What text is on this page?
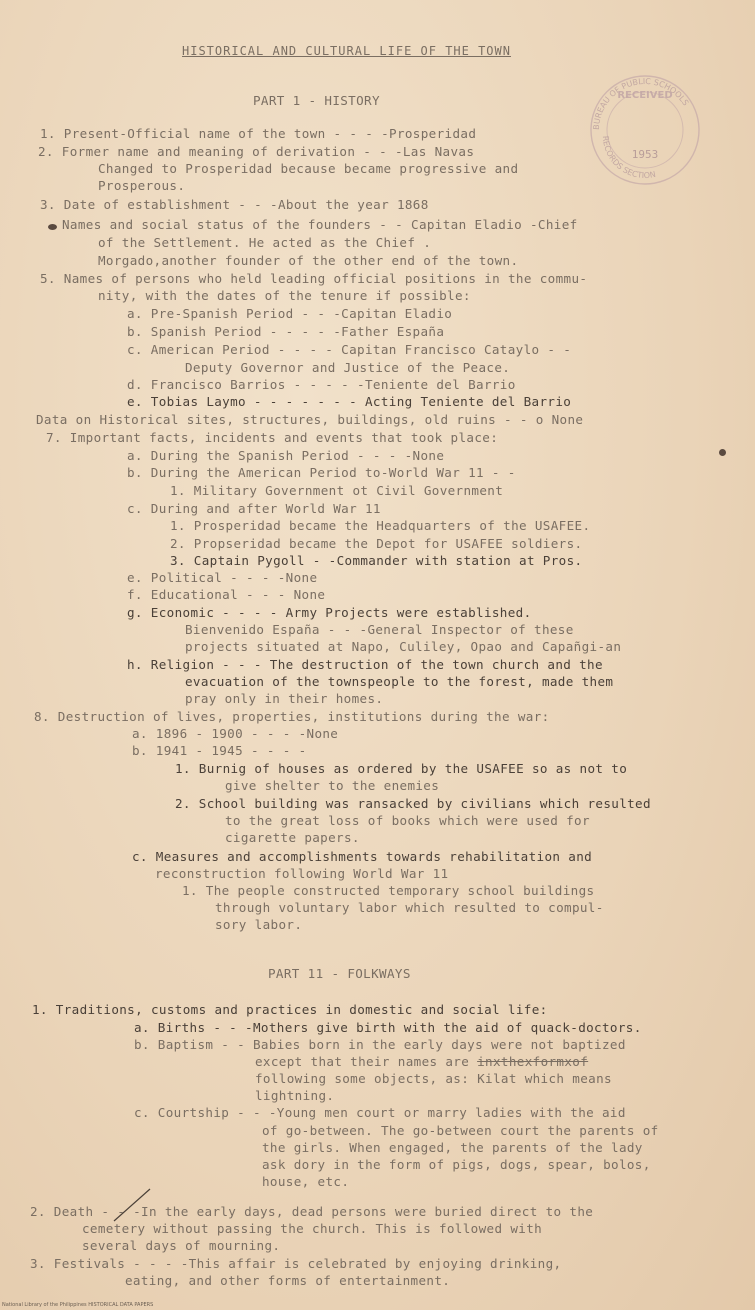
HISTORICAL AND CULTURAL LIFE OF THE TOWN
BUREAU OF PUBLIC SCHOOLS
RECORDS SECTION
RECEIVED
1953
PART 1 - HISTORY
1. Present-Official name of the town - - - -Prosperidad
2. Former name and meaning of derivation - - -Las Navas
Changed to Prosperidad because became progressive and
Prosperous.
3. Date of establishment - - -About the year 1868
Names and social status of the founders - - Capitan Eladio -Chief
of the Settlement. He acted as the Chief .
Morgado,another founder of the other end of the town.
5. Names of persons who held leading official positions in the commu-
nity, with the dates of the tenure if possible:
a. Pre-Spanish Period - - -Capitan Eladio
b. Spanish Period - - - - -Father España
c. American Period - - - - Capitan Francisco Cataylo - -
Deputy Governor and Justice of the Peace.
d. Francisco Barrios - - - - -Teniente del Barrio
e. Tobias Laymo - - - - - - - Acting Teniente del Barrio
Data on Historical sites, structures, buildings, old ruins - - o None
7. Important facts, incidents and events that took place:
a. During the Spanish Period - - - -None
b. During the American Period to-World War 11 - -
1. Military Government ot Civil Government
c. During and after World War 11
1. Prosperidad became the Headquarters of the USAFEE.
2. Propseridad became the Depot for USAFEE soldiers.
3. Captain Pygoll - -Commander with station at Pros.
e. Political - - - -None
f. Educational - - - None
g. Economic - - - - Army Projects were established.
Bienvenido España - - -General Inspector of these
projects situated at Napo, Culiley, Opao and Capañgi-an
h. Religion - - - The destruction of the town church and the
evacuation of the townspeople to the forest, made them
pray only in their homes.
8. Destruction of lives, properties, institutions during the war:
a. 1896 - 1900 - - - -None
b. 1941 - 1945 - - - -
1. Burnig of houses as ordered by the USAFEE so as not to
give shelter to the enemies
2. School building was ransacked by civilians which resulted
to the great loss of books which were used for
cigarette papers.
c. Measures and accomplishments towards rehabilitation and
reconstruction following World War 11
1. The people constructed temporary school buildings
through voluntary labor which resulted to compul-
sory labor.
PART 11 - FOLKWAYS
1. Traditions, customs and practices in domestic and social life:
a. Births - - -Mothers give birth with the aid of quack-doctors.
b. Baptism - - Babies born in the early days were not baptized
except that their names are inxthexformxof
following some objects, as: Kilat which means
lightning.
c. Courtship - - -Young men court or marry ladies with the aid
of go-between. The go-between court the parents of
the girls. When engaged, the parents of the lady
ask dory in the form of pigs, dogs, spear, bolos,
house, etc.
2. Death - - -In the early days, dead persons were buried direct to the
cemetery without passing the church. This is followed with
several days of mourning.
3. Festivals - - - -This affair is celebrated by enjoying drinking,
eating, and other forms of entertainment.
National Library of the Philippines HISTORICAL DATA PAPERS
